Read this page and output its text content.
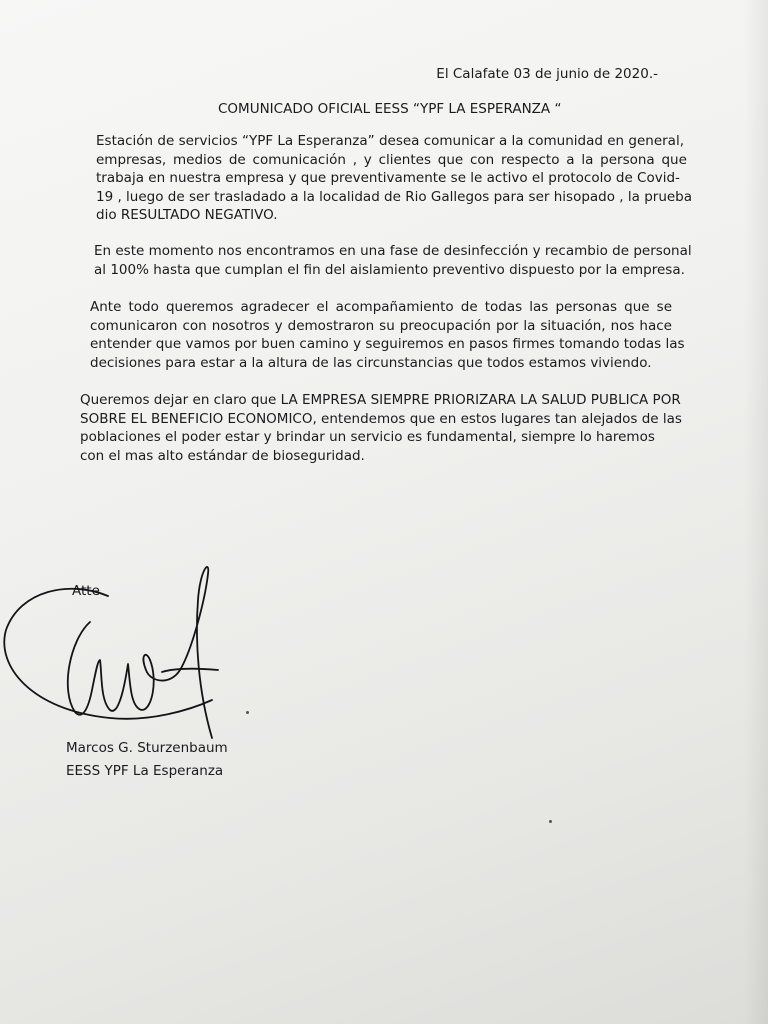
El Calafate 03 de junio de 2020.-
COMUNICADO OFICIAL EESS “YPF LA ESPERANZA “
Estación de servicios “YPF La Esperanza” desea comunicar a la comunidad en general,
empresas, medios de comunicación , y clientes que con respecto a la persona que
trabaja en nuestra empresa y que preventivamente se le activo el protocolo de Covid-
19 , luego de ser trasladado a la localidad de Rio Gallegos para ser hisopado , la prueba
dio RESULTADO NEGATIVO.
En este momento nos encontramos en una fase de desinfección y recambio de personal
al 100% hasta que cumplan el fin del aislamiento preventivo dispuesto por la empresa.
Ante todo queremos agradecer el acompañamiento de todas las personas que se
comunicaron con nosotros y demostraron su preocupación por la situación, nos hace
entender que vamos por buen camino y seguiremos en pasos firmes tomando todas las
decisiones para estar a la altura de las circunstancias que todos estamos viviendo.
Queremos dejar en claro que LA EMPRESA SIEMPRE PRIORIZARA LA SALUD PUBLICA POR
SOBRE EL BENEFICIO ECONOMICO, entendemos que en estos lugares tan alejados de las
poblaciones el poder estar y brindar un servicio es fundamental, siempre lo haremos
con el mas alto estándar de bioseguridad.
Atte
Marcos G. Sturzenbaum
EESS YPF La Esperanza
